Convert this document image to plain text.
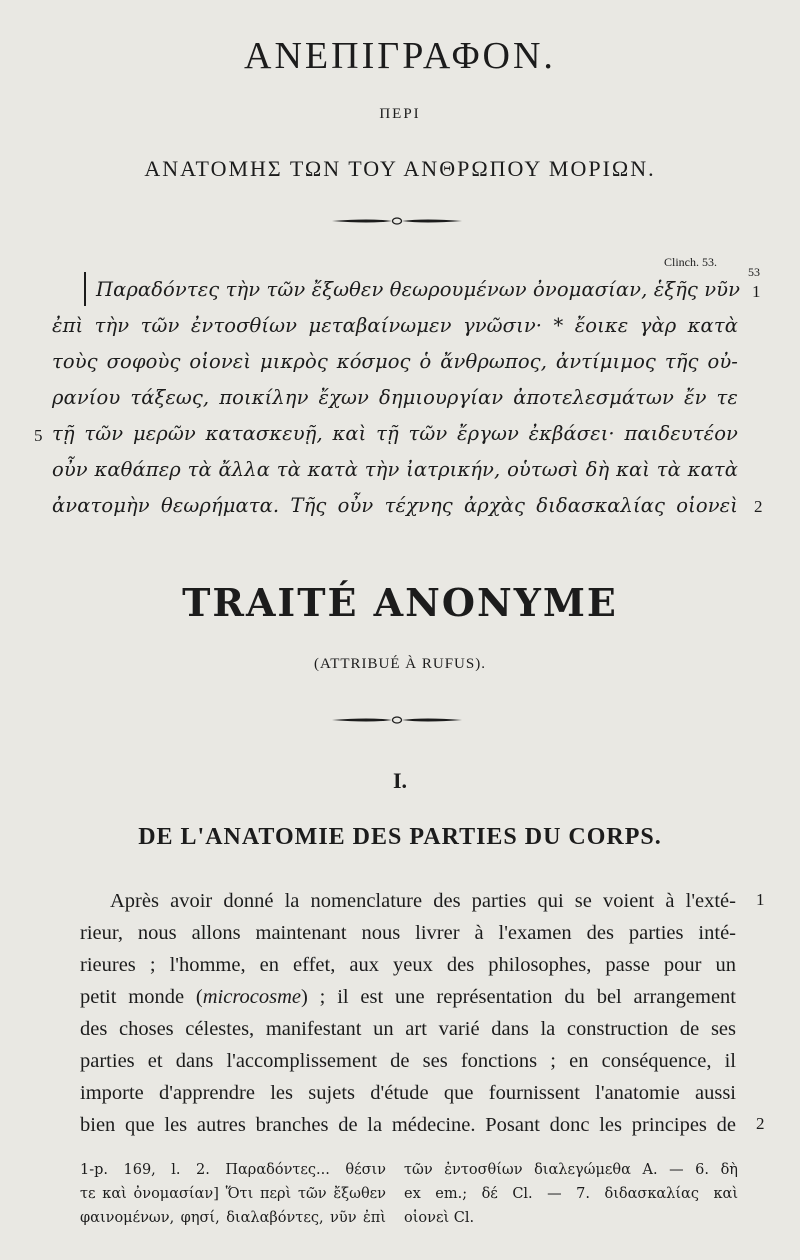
ΑΝΕΠΙΓΡΑΦΟΝ.
ΠΕΡΙ
ΑΝΑΤΟΜΗΣ ΤΩΝ ΤΟΥ ΑΝΘΡΩΠΟΥ ΜΟΡΙΩΝ.
Clinch. 53.
53
1
Παραδόντες τὴν τῶν ἔξωθεν θεωρουμένων ὀνομασίαν, ἑξῆς νῦν
ἐπὶ τὴν τῶν ἐντοσθίων μεταβαίνωμεν γνῶσιν· * ἔοικε γὰρ κατὰ
τοὺς σοφοὺς οἱονεὶ μικρὸς κόσμος ὁ ἄνθρωπος, ἀντίμιμος τῆς οὐ-
ρανίου τάξεως, ποικίλην ἔχων δημιουργίαν ἀποτελεσμάτων ἔν τε
5 τῇ τῶν μερῶν κατασκευῇ, καὶ τῇ τῶν ἔργων ἐκβάσει· παιδευτέον
οὖν καθάπερ τὰ ἄλλα τὰ κατὰ τὴν ἰατρικήν, οὑτωσὶ δὴ καὶ τὰ κατὰ
ἀνατομὴν θεωρήματα. Τῆς οὖν τέχνης ἀρχὰς διδασκαλίας οἱονεὶ 2
TRAITÉ ANONYME
(ATTRIBUÉ À RUFUS).
I.
DE L'ANATOMIE DES PARTIES DU CORPS.
Après avoir donné la nomenclature des parties qui se voient à l'exté- 1
rieur, nous allons maintenant nous livrer à l'examen des parties inté-
rieures ; l'homme, en effet, aux yeux des philosophes, passe pour un
petit monde (microcosme) ; il est une représentation du bel arrangement
des choses célestes, manifestant un art varié dans la construction de ses
parties et dans l'accomplissement de ses fonctions ; en conséquence, il
importe d'apprendre les sujets d'étude que fournissent l'anatomie aussi
bien que les autres branches de la médecine. Posant donc les principes de 2
1-p. 169, l. 2. Παραδόντες... θέσιν
τε καὶ ὀνομασίαν] Ὅτι περὶ τῶν ἔξωθεν
φαινομένων, φησί, διαλαβόντες, νῦν ἐπὶ
τῶν ἐντοσθίων διαλεγώμεθα A. — 6. δὴ
ex em.; δέ Cl. — 7. διδασκαλίας καὶ
οἱονεὶ Cl.
